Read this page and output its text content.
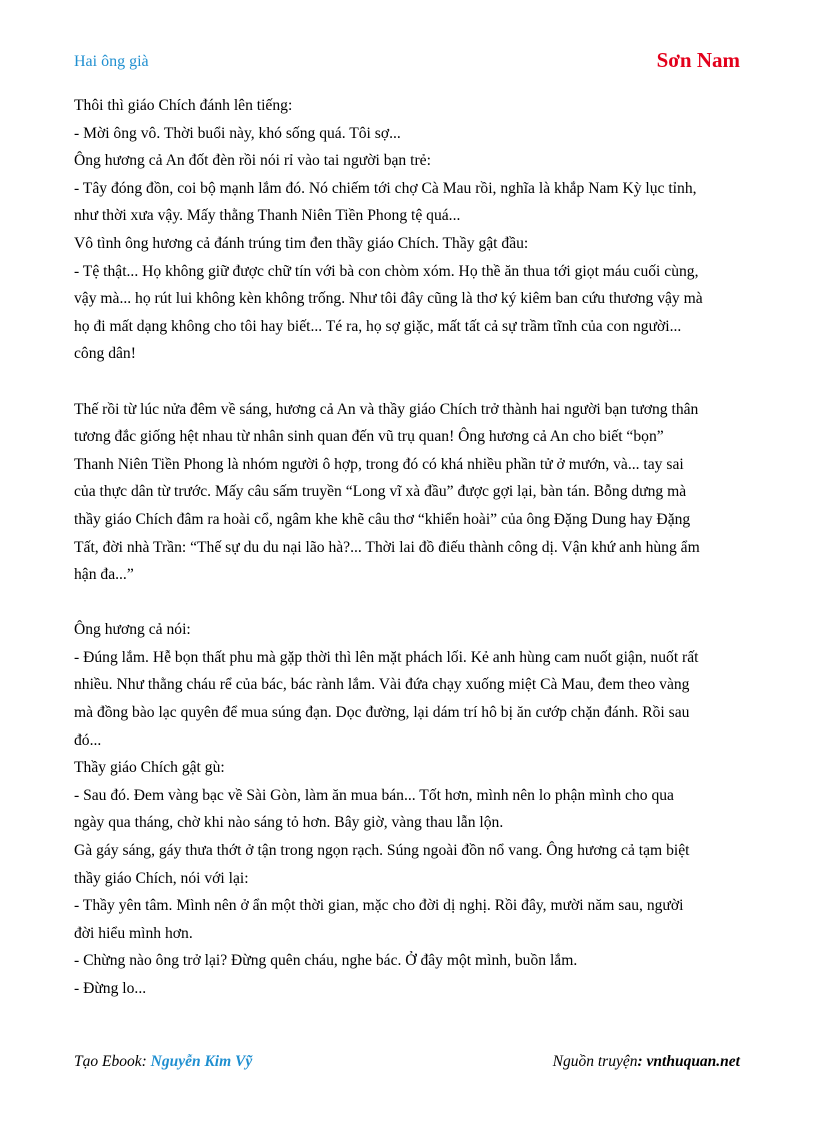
Hai ông già	Sơn Nam
Thôi thì giáo Chích đánh lên tiếng:
- Mời ông vô. Thời buổi này, khó sống quá. Tôi sợ...
Ông hương cả An đốt đèn rồi nói rỉ vào tai người bạn trẻ:
- Tây đóng đồn, coi bộ mạnh lắm đó. Nó chiếm tới chợ Cà Mau rồi, nghĩa là khắp Nam Kỳ lục tỉnh,
như thời xưa vậy. Mấy thằng Thanh Niên Tiền Phong tệ quá...
Vô tình ông hương cả đánh trúng tim đen thầy giáo Chích. Thầy gật đầu:
- Tệ thật... Họ không giữ được chữ tín với bà con chòm xóm. Họ thề ăn thua tới giọt máu cuối cùng,
vậy mà... họ rút lui không kèn không trống. Như tôi đây cũng là thơ ký kiêm ban cứu thương vậy mà
họ đi mất dạng không cho tôi hay biết... Té ra, họ sợ giặc, mất tất cả sự trầm tĩnh của con người...
công dân!
Thế rồi từ lúc nửa đêm về sáng, hương cả An và thầy giáo Chích trở thành hai người bạn tương thân
tương đắc giống hệt nhau từ nhân sinh quan đến vũ trụ quan! Ông hương cả An cho biết “bọn”
Thanh Niên Tiền Phong là nhóm người ô hợp, trong đó có khá nhiều phần tử ở mướn, và... tay sai
của thực dân từ trước. Mấy câu sấm truyền “Long vĩ xà đầu” được gợi lại, bàn tán. Bỗng dưng mà
thầy giáo Chích đâm ra hoài cổ, ngâm khe khẽ câu thơ “khiển hoài” của ông Đặng Dung hay Đặng
Tất, đời nhà Trần: “Thế sự du du nại lão hà?... Thời lai đồ điếu thành công dị. Vận khứ anh hùng ẩm
hận đa...”
Ông hương cả nói:
- Đúng lắm. Hễ bọn thất phu mà gặp thời thì lên mặt phách lối. Kẻ anh hùng cam nuốt giận, nuốt rất
nhiều. Như thằng cháu rể của bác, bác rành lắm. Vài đứa chạy xuống miệt Cà Mau, đem theo vàng
mà đồng bào lạc quyên để mua súng đạn. Dọc đường, lại dám trí hô bị ăn cướp chặn đánh. Rồi sau
đó...
Thầy giáo Chích gật gù:
- Sau đó. Đem vàng bạc về Sài Gòn, làm ăn mua bán... Tốt hơn, mình nên lo phận mình cho qua
ngày qua tháng, chờ khi nào sáng tỏ hơn. Bây giờ, vàng thau lẫn lộn.
Gà gáy sáng, gáy thưa thớt ở tận trong ngọn rạch. Súng ngoài đồn nổ vang. Ông hương cả tạm biệt
thầy giáo Chích, nói với lại:
- Thầy yên tâm. Mình nên ở ẩn một thời gian, mặc cho đời dị nghị. Rồi đây, mười năm sau, người
đời hiểu mình hơn.
- Chừng nào ông trở lại? Đừng quên cháu, nghe bác. Ở đây một mình, buồn lắm.
- Đừng lo...
Tạo Ebook: Nguyễn Kim Vỹ	Nguồn truyện: vnthuquan.net
